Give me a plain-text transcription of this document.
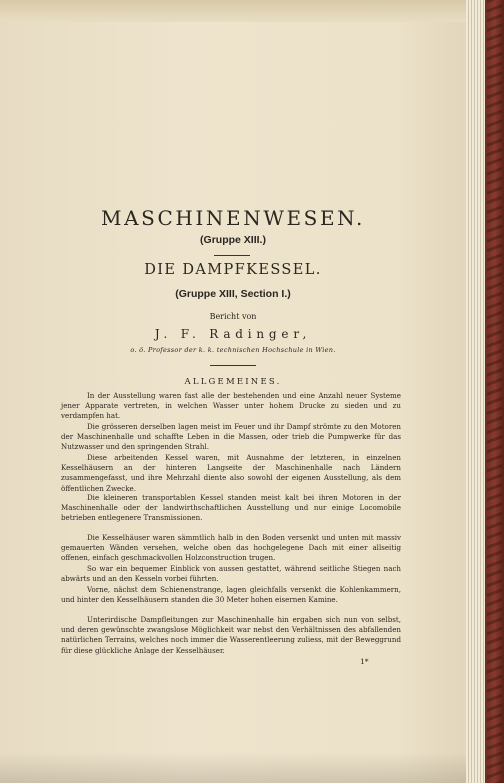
MASCHINENWESEN.
(Gruppe XIII.)
DIE DAMPFKESSEL.
(Gruppe XIII, Section I.)
Bericht von
J. F. Radinger,
o. ö. Professor der k. k. technischen Hochschule in Wien.
ALLGEMEINES.

In der Ausstellung waren fast alle der bestehenden und eine Anzahl neuer Systeme jener Apparate vertreten, in welchen Wasser unter hohem Drucke zu sieden und zu verdampfen hat.

Die grösseren derselben lagen meist im Feuer und ihr Dampf strömte zu den Motoren der Maschinenhalle und schaffte Leben in die Massen, oder trieb die Pumpwerke für das Nutzwasser und den springenden Strahl.

Diese arbeitenden Kessel waren, mit Ausnahme der letzteren, in einzelnen Kesselhäusern an der hinteren Langseite der Maschinenhalle nach Ländern zusammengefasst, und ihre Mehrzahl diente also sowohl der eigenen Ausstellung, als dem öffentlichen Zwecke.

Die kleineren transportablen Kessel standen meist kalt bei ihren Motoren in der Maschinenhalle oder der landwirthschaftlichen Ausstellung und nur einige Locomobile betrieben entlegenere Transmissionen.

Die Kesselhäuser waren sämmtlich halb in den Boden versenkt und unten mit massiv gemauerten Wänden versehen, welche oben das hochgelegene Dach mit einer allseitig offenen, einfach geschmackvollen Holzconstruction trugen.

So war ein bequemer Einblick von aussen gestattet, während seitliche Stiegen nach abwärts und an den Kesseln vorbei führten.

Vorne, nächst dem Schienenstrange, lagen gleichfalls versenkt die Kohlenkammern, und hinter den Kesselhäusern standen die 30 Meter hohen eisernen Kamine.

Unterirdische Dampfleitungen zur Maschinenhalle hin ergaben sich nun von selbst, und deren gewünschte zwangslose Möglichkeit war nebst den Verhältnissen des abfallenden natürlichen Terrains, welches noch immer die Wasserentleerung zuliess, mit der Beweggrund für diese glückliche Anlage der Kesselhäuser.

1*
